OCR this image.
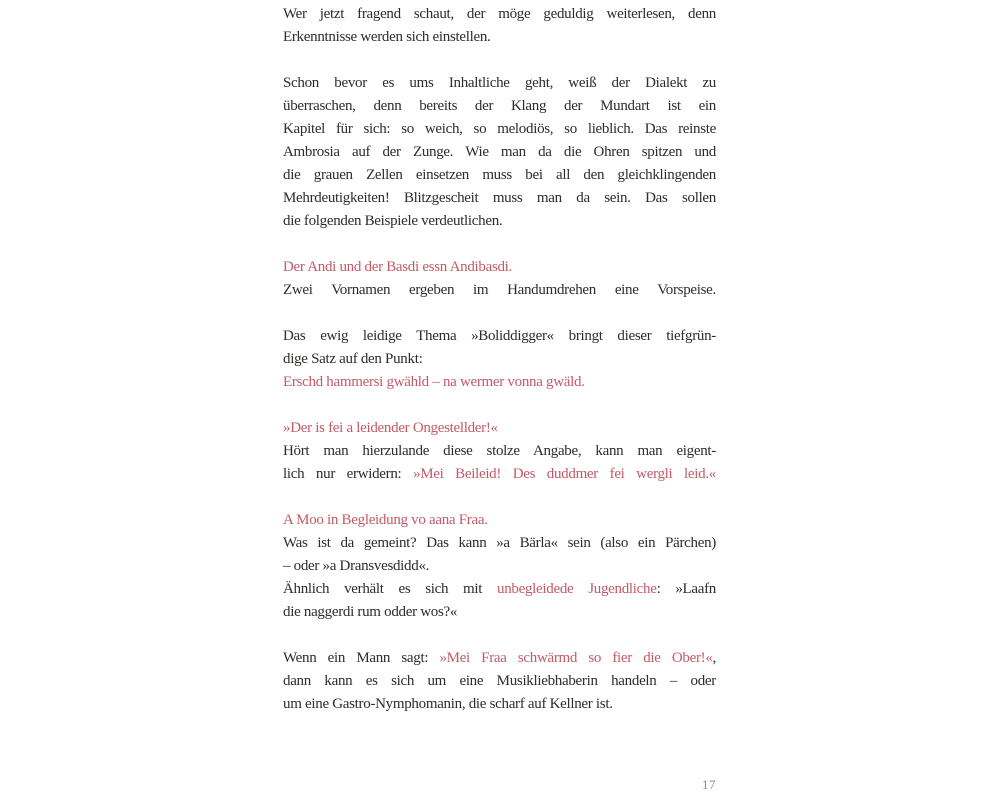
Wer jetzt fragend schaut, der möge geduldig weiterlesen, denn
Erkenntnisse werden sich einstellen.
Schon bevor es ums Inhaltliche geht, weiß der Dialekt zu
überraschen, denn bereits der Klang der Mundart ist ein
Kapitel für sich: so weich, so melodiös, so lieblich. Das reinste
Ambrosia auf der Zunge. Wie man da die Ohren spitzen und
die grauen Zellen einsetzen muss bei all den gleichklingenden
Mehrdeutigkeiten! Blitzgescheit muss man da sein. Das sollen
die folgenden Beispiele verdeutlichen.
Der Andi und der Basdi essn Andibasdi.
Zwei Vornamen ergeben im Handumdrehen eine Vorspeise.
Das ewig leidige Thema »Boliddigger« bringt dieser tiefgrün-
dige Satz auf den Punkt:
Erschd hammersi gwähld – na wermer vonna gwäld.
»Der is fei a leidender Ongestellder!«
Hört man hierzulande diese stolze Angabe, kann man eigent-
lich nur erwidern: »Mei Beileid! Des duddmer fei wergli leid.«
A Moo in Begleidung vo aana Fraa.
Was ist da gemeint? Das kann »a Bärla« sein (also ein Pärchen)
– oder »a Dransvesdidd«.
Ähnlich verhält es sich mit unbegleidede Jugendliche: »Laafn
die naggerdi rum odder wos?«
Wenn ein Mann sagt: »Mei Fraa schwärmd so fier die Ober!«,
dann kann es sich um eine Musikliebhaberin handeln – oder
um eine Gastro-Nymphomanin, die scharf auf Kellner ist.
17
